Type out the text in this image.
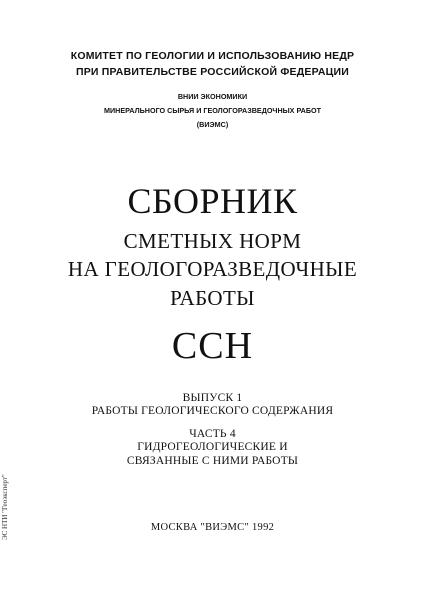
КОМИТЕТ ПО ГЕОЛОГИИ И ИСПОЛЬЗОВАНИЮ НЕДР
ПРИ ПРАВИТЕЛЬСТВЕ РОССИЙСКОЙ ФЕДЕРАЦИИ
ВНИИ ЭКОНОМИКИ
МИНЕРАЛЬНОГО СЫРЬЯ И ГЕОЛОГОРАЗВЕДОЧНЫХ РАБОТ
(ВИЭМС)
СБОРНИК
СМЕТНЫХ НОРМ
НА ГЕОЛОГОРАЗВЕДОЧНЫЕ
РАБОТЫ
ССН
ВЫПУСК 1
РАБОТЫ ГЕОЛОГИЧЕСКОГО СОДЕРЖАНИЯ
ЧАСТЬ 4
ГИДРОГЕОЛОГИЧЕСКИЕ И
СВЯЗАННЫЕ С НИМИ РАБОТЫ
МОСКВА "ВИЭМС" 1992
ЭС НТИ "Геоэксперт"
